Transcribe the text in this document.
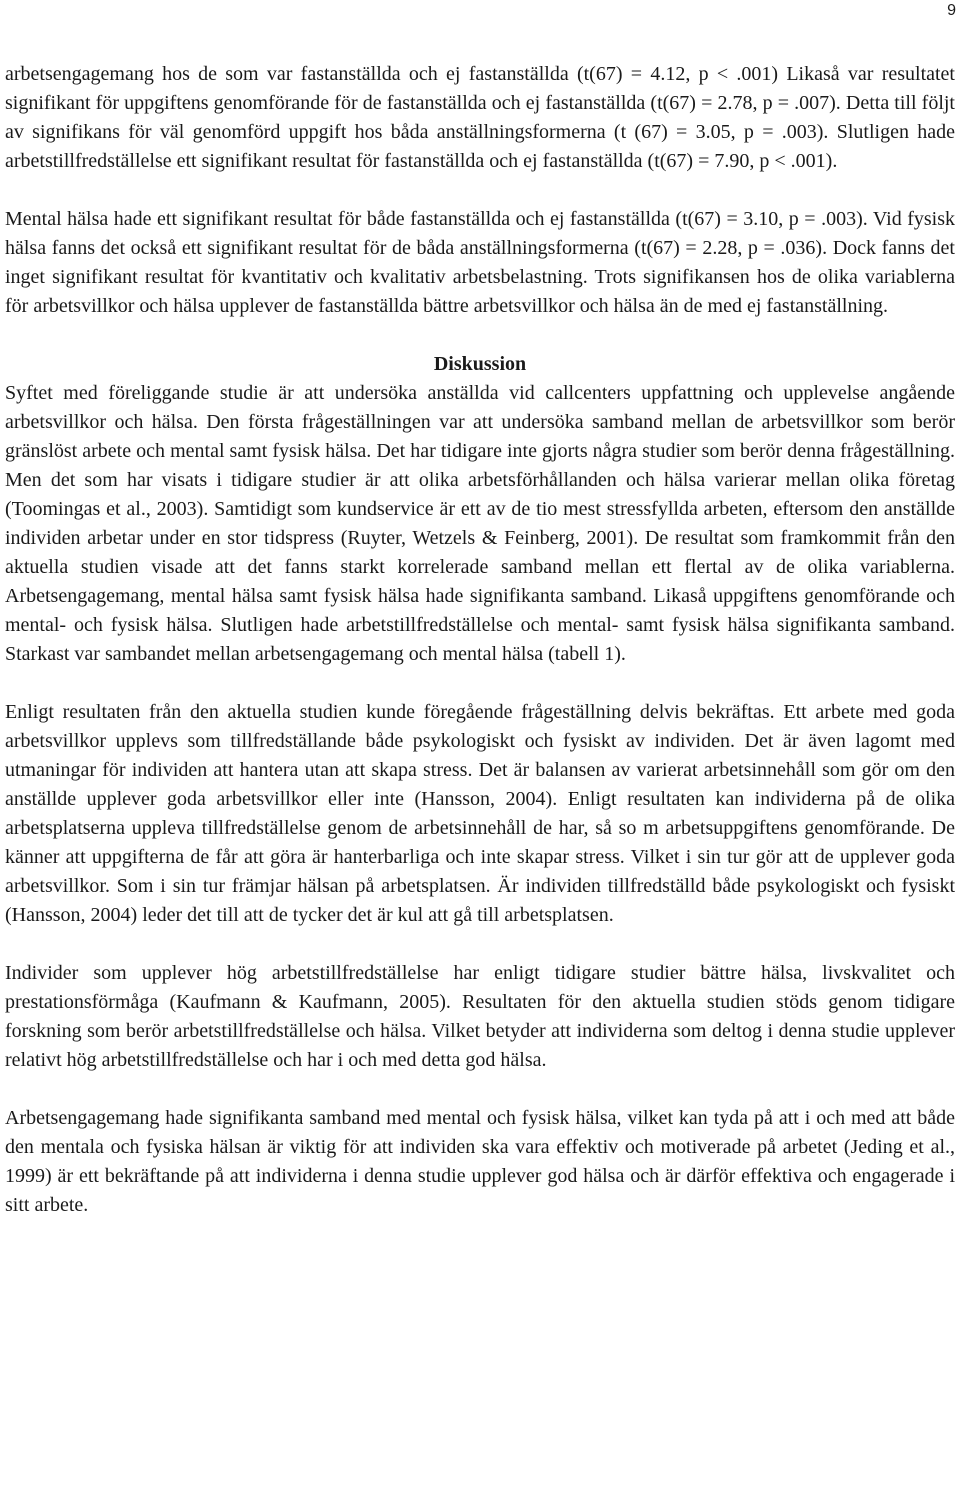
9

arbetsengagemang hos de som var fastanställda och ej fastanställda (t(67) = 4.12, p < .001) Likaså var resultatet signifikant för uppgiftens genomförande för de fastanställda och ej fastanställda (t(67) = 2.78, p = .007). Detta till följt av signifikans för väl genomförd uppgift hos båda anställningsformerna (t (67) = 3.05, p = .003). Slutligen hade arbetstillfredställelse ett signifikant resultat för fastanställda och ej fastanställda (t(67) = 7.90, p < .001).

Mental hälsa hade ett signifikant resultat för både fastanställda och ej fastanställda (t(67) = 3.10, p = .003). Vid fysisk hälsa fanns det också ett signifikant resultat för de båda anställningsformerna (t(67) = 2.28, p = .036). Dock fanns det inget signifikant resultat för kvantitativ och kvalitativ arbetsbelastning. Trots signifikansen hos de olika variablerna för arbetsvillkor och hälsa upplever de fastanställda bättre arbetsvillkor och hälsa än de med ej fastanställning.

Diskussion

Syftet med föreliggande studie är att undersöka anställda vid callcenters uppfattning och upplevelse angående arbetsvillkor och hälsa. Den första frågeställningen var att undersöka samband mellan de arbetsvillkor som berör gränslöst arbete och mental samt fysisk hälsa. Det har tidigare inte gjorts några studier som berör denna frågeställning. Men det som har visats i tidigare studier är att olika arbetsförhållanden och hälsa varierar mellan olika företag (Toomingas et al., 2003). Samtidigt som kundservice är ett av de tio mest stressfyllda arbeten, eftersom den anställde individen arbetar under en stor tidspress (Ruyter, Wetzels & Feinberg, 2001). De resultat som framkommit från den aktuella studien visade att det fanns starkt korrelerade samband mellan ett flertal av de olika variablerna. Arbetsengagemang, mental hälsa samt fysisk hälsa hade signifikanta samband. Likaså uppgiftens genomförande och mental- och fysisk hälsa. Slutligen hade arbetstillfredställelse och mental- samt fysisk hälsa signifikanta samband. Starkast var sambandet mellan arbetsengagemang och mental hälsa (tabell 1).

Enligt resultaten från den aktuella studien kunde föregående frågeställning delvis bekräftas. Ett arbete med goda arbetsvillkor upplevs som tillfredställande både psykologiskt och fysiskt av individen. Det är även lagomt med utmaningar för individen att hantera utan att skapa stress. Det är balansen av varierat arbetsinnehåll som gör om den anställde upplever goda arbetsvillkor eller inte (Hansson, 2004). Enligt resultaten kan individerna på de olika arbetsplatserna uppleva tillfredställelse genom de arbetsinnehåll de har, så so m arbetsuppgiftens genomförande. De känner att uppgifterna de får att göra är hanterbarliga och inte skapar stress. Vilket i sin tur gör att de upplever goda arbetsvillkor. Som i sin tur främjar hälsan på arbetsplatsen. Är individen tillfredställd både psykologiskt och fysiskt (Hansson, 2004) leder det till att de tycker det är kul att gå till arbetsplatsen.

Individer som upplever hög arbetstillfredställelse har enligt tidigare studier bättre hälsa, livskvalitet och prestationsförmåga (Kaufmann & Kaufmann, 2005). Resultaten för den aktuella studien stöds genom tidigare forskning som berör arbetstillfredställelse och hälsa. Vilket betyder att individerna som deltog i denna studie upplever relativt hög arbetstillfredställelse och har i och med detta god hälsa.

Arbetsengagemang hade signifikanta samband med mental och fysisk hälsa, vilket kan tyda på att i och med att både den mentala och fysiska hälsan är viktig för att individen ska vara effektiv och motiverade på arbetet (Jeding et al., 1999) är ett bekräftande på att individerna i denna studie upplever god hälsa och är därför effektiva och engagerade i sitt arbete.
